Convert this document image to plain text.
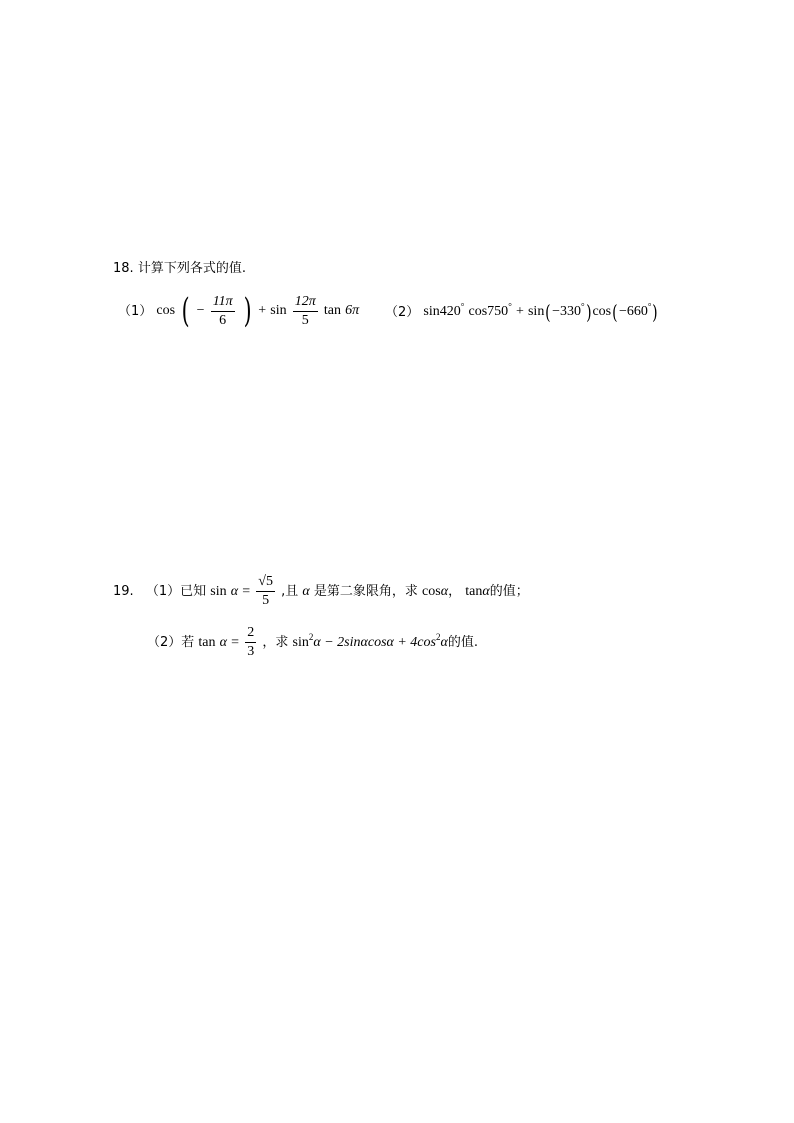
18. 计算下列各式的值.
（1） cos ( − $\frac{11\pi}{6}$ ) + $\sin \frac{12\pi}{5}$ tan 6π （2） sin420° cos750° + sin(−330°)cos(−660°)
19. （1）已知 $\sin \alpha = \frac{√5}{5}$ ,且 α 是第二象限角，求 cosα， tanα的值；
（2）若 $\tan \alpha = \frac{2}{3}$ ，求 $\sin^2\alpha - 2\sin\alpha\cos\alpha + 4\cos^2\alpha$的值.
